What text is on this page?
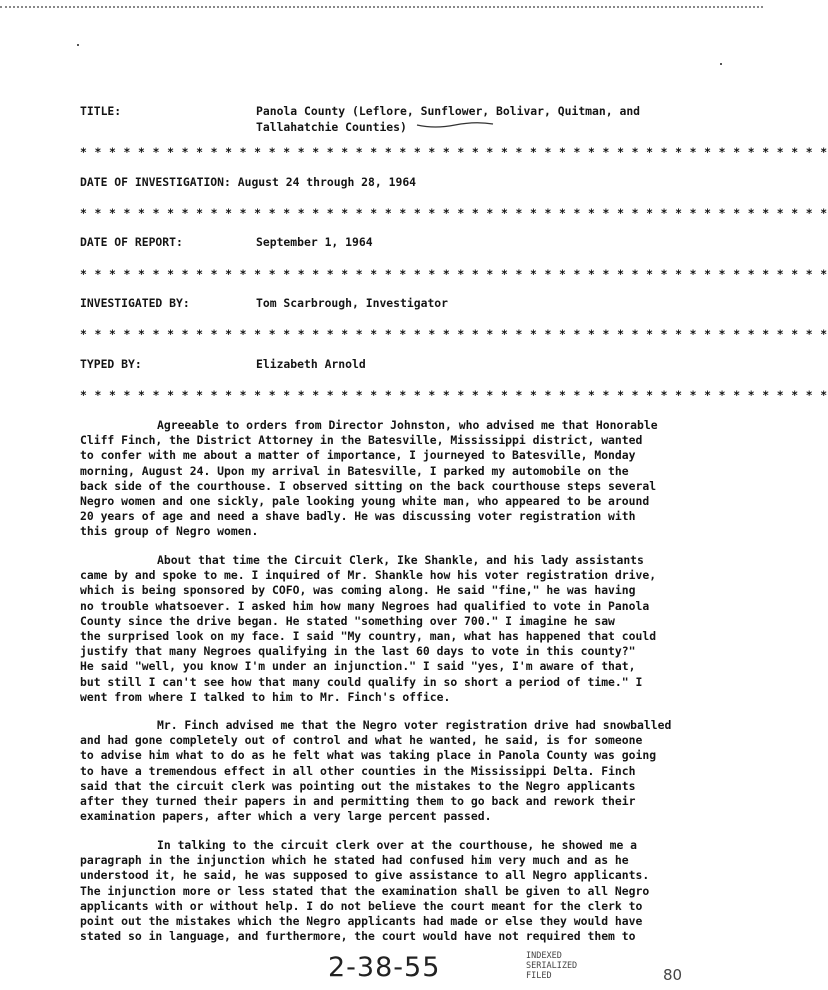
TITLE:	Panola County (Leflore, Sunflower, Bolivar, Quitman, and
Tallahatchie Counties)
* * * * * * * * * * * * * * * * * * * * * * * * * * * * * * * * * * * * * * * * * * * * * * * * * * * *
DATE OF INVESTIGATION: August 24 through 28, 1964
* * * * * * * * * * * * * * * * * * * * * * * * * * * * * * * * * * * * * * * * * * * * * * * * * * * *
DATE OF REPORT:	September 1, 1964
* * * * * * * * * * * * * * * * * * * * * * * * * * * * * * * * * * * * * * * * * * * * * * * * * * * *
INVESTIGATED BY:	Tom Scarbrough, Investigator
* * * * * * * * * * * * * * * * * * * * * * * * * * * * * * * * * * * * * * * * * * * * * * * * * * * *
TYPED BY:	Elizabeth Arnold
* * * * * * * * * * * * * * * * * * * * * * * * * * * * * * * * * * * * * * * * * * * * * * * * * * * *
Agreeable to orders from Director Johnston, who advised me that Honorable
Cliff Finch, the District Attorney in the Batesville, Mississippi district, wanted
to confer with me about a matter of importance, I journeyed to Batesville, Monday
morning, August 24. Upon my arrival in Batesville, I parked my automobile on the
back side of the courthouse. I observed sitting on the back courthouse steps several
Negro women and one sickly, pale looking young white man, who appeared to be around
20 years of age and need a shave badly. He was discussing voter registration with
this group of Negro women.
About that time the Circuit Clerk, Ike Shankle, and his lady assistants
came by and spoke to me. I inquired of Mr. Shankle how his voter registration drive,
which is being sponsored by COFO, was coming along. He said "fine," he was having
no trouble whatsoever. I asked him how many Negroes had qualified to vote in Panola
County since the drive began. He stated "something over 700." I imagine he saw
the surprised look on my face. I said "My country, man, what has happened that could
justify that many Negroes qualifying in the last 60 days to vote in this county?"
He said "well, you know I'm under an injunction." I said "yes, I'm aware of that,
but still I can't see how that many could qualify in so short a period of time." I
went from where I talked to him to Mr. Finch's office.
Mr. Finch advised me that the Negro voter registration drive had snowballed
and had gone completely out of control and what he wanted, he said, is for someone
to advise him what to do as he felt what was taking place in Panola County was going
to have a tremendous effect in all other counties in the Mississippi Delta. Finch
said that the circuit clerk was pointing out the mistakes to the Negro applicants
after they turned their papers in and permitting them to go back and rework their
examination papers, after which a very large percent passed.
In talking to the circuit clerk over at the courthouse, he showed me a
paragraph in the injunction which he stated had confused him very much and as he
understood it, he said, he was supposed to give assistance to all Negro applicants.
The injunction more or less stated that the examination shall be given to all Negro
applicants with or without help. I do not believe the court meant for the clerk to
point out the mistakes which the Negro applicants had made or else they would have
stated so in language, and furthermore, the court would have not required them to
2-38-55	INDEXED
SERIALIZED
FILED	80
